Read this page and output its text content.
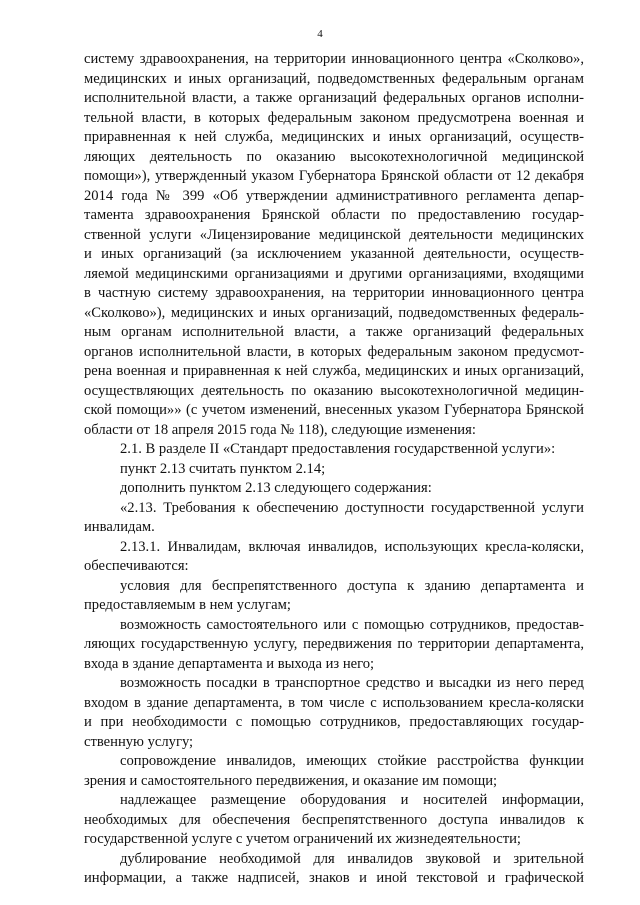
4
систему здравоохранения, на территории инновационного центра «Сколково»,
медицинских и иных организаций, подведомственных федеральным органам
исполнительной власти, а также организаций федеральных органов исполни-
тельной власти, в которых федеральным законом предусмотрена военная и
приравненная к ней служба, медицинских и иных организаций, осуществ-
ляющих деятельность по оказанию высокотехнологичной медицинской
помощи»), утвержденный указом Губернатора Брянской области от 12 декабря
2014 года № 399 «Об утверждении административного регламента депар-
тамента здравоохранения Брянской области по предоставлению государ-
ственной услуги «Лицензирование медицинской деятельности медицинских
и иных организаций (за исключением указанной деятельности, осуществ-
ляемой медицинскими организациями и другими организациями, входящими
в частную систему здравоохранения, на территории инновационного центра
«Сколково»), медицинских и иных организаций, подведомственных федераль-
ным органам исполнительной власти, а также организаций федеральных
органов исполнительной власти, в которых федеральным законом предусмот-
рена военная и приравненная к ней служба, медицинских и иных организаций,
осуществляющих деятельность по оказанию высокотехнологичной медицин-
ской помощи»» (с учетом изменений, внесенных указом Губернатора Брянской
области от 18 апреля 2015 года № 118), следующие изменения:
2.1. В разделе II «Стандарт предоставления государственной услуги»:
пункт 2.13 считать пунктом 2.14;
дополнить пунктом 2.13 следующего содержания:
«2.13. Требования к обеспечению доступности государственной услуги
инвалидам.
2.13.1. Инвалидам, включая инвалидов, использующих кресла-коляски,
обеспечиваются:
условия для беспрепятственного доступа к зданию департамента и
предоставляемым в нем услугам;
возможность самостоятельного или с помощью сотрудников, предостав-
ляющих государственную услугу, передвижения по территории департамента,
входа в здание департамента и выхода из него;
возможность посадки в транспортное средство и высадки из него перед
входом в здание департамента, в том числе с использованием кресла-коляски
и при необходимости с помощью сотрудников, предоставляющих государ-
ственную услугу;
сопровождение инвалидов, имеющих стойкие расстройства функции
зрения и самостоятельного передвижения, и оказание им помощи;
надлежащее размещение оборудования и носителей информации,
необходимых для обеспечения беспрепятственного доступа инвалидов к
государственной услуге с учетом ограничений их жизнедеятельности;
дублирование необходимой для инвалидов звуковой и зрительной
информации, а также надписей, знаков и иной текстовой и графической
